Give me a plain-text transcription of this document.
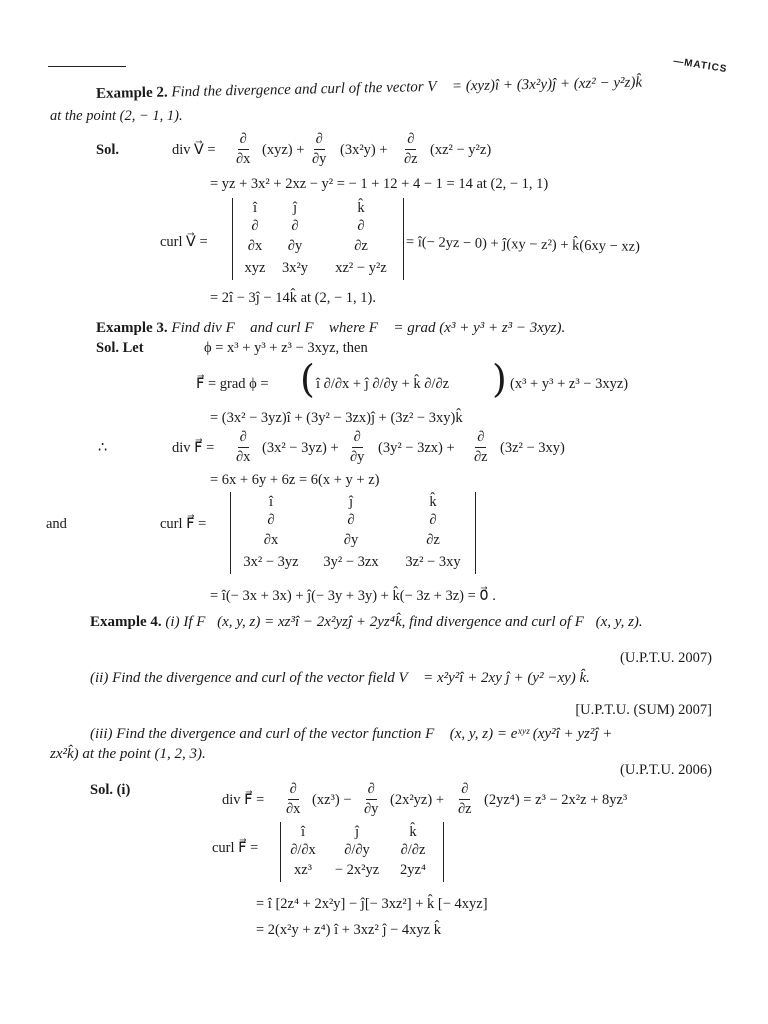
—MATICS
Example 2. Find the divergence and curl of the vector V⃗ = (xyz)î + (3x²y)ĵ + (xz² − y²z)k̂
at the point (2, − 1, 1).
Sol.	div V⃗ =
∂
∂x
(xyz) +
∂
∂y
(3x²y) +
∂
∂z
(xz² − y²z)
= yz + 3x² + 2xz − y² = − 1 + 12 + 4 − 1 = 14 at (2, − 1, 1)
curl V⃗ =
î	ĵ	k̂
∂	∂	∂
∂x	∂y	∂z
xyz	3x²y	xz² − y²z
= î(− 2yz − 0) + ĵ(xy − z²) + k̂(6xy − xz)
= 2î − 3ĵ − 14k̂ at (2, − 1, 1).
Example 3. Find div F⃗ and curl F⃗ where F⃗ = grad (x³ + y³ + z³ − 3xyz).
Sol. Let	ϕ = x³ + y³ + z³ − 3xyz, then
F⃗ = grad ϕ = ( î ∂/∂x + ĵ ∂/∂y + k̂ ∂/∂z ) (x³ + y³ + z³ − 3xyz)
= (3x² − 3yz)î + (3y² − 3zx)ĵ + (3z² − 3xy)k̂
∴	div F⃗ =
∂
∂x
(3x² − 3yz) +
∂
∂y
(3y² − 3zx) +
∂
∂z
(3z² − 3xy)
= 6x + 6y + 6z = 6(x + y + z)
and	curl F⃗ =
î	ĵ	k̂
∂	∂	∂
∂x	∂y	∂z
3x² − 3yz	3y² − 3zx	3z² − 3xy
= î(− 3x + 3x) + ĵ(− 3y + 3y) + k̂(− 3z + 3z) = 0⃗ .
Example 4. (i) If F⃗(x, y, z) = xz³î − 2x²yzĵ + 2yz⁴k̂, find divergence and curl of F⃗(x, y, z).
(U.P.T.U. 2007)
(ii) Find the divergence and curl of the vector field V⃗ = x²y²î + 2xy ĵ + (y² −xy) k̂.
[U.P.T.U. (SUM) 2007]
(iii) Find the divergence and curl of the vector function F⃗ (x, y, z) = eˣʸᶻ (xy²î + yz²ĵ +
zx²k̂) at the point (1, 2, 3).
(U.P.T.U. 2006)
Sol. (i)
div F⃗ =
∂
∂x
(xz³) −
∂
∂y
(2x²yz) +
∂
∂z
(2yz⁴) = z³ − 2x²z + 8yz³
curl F⃗ =
î	ĵ	k̂
∂/∂x	∂/∂y	∂/∂z
xz³	− 2x²yz	2yz⁴
= î [2z⁴ + 2x²y] − ĵ[− 3xz²] + k̂ [− 4xyz]
= 2(x²y + z⁴) î + 3xz² ĵ − 4xyz k̂
